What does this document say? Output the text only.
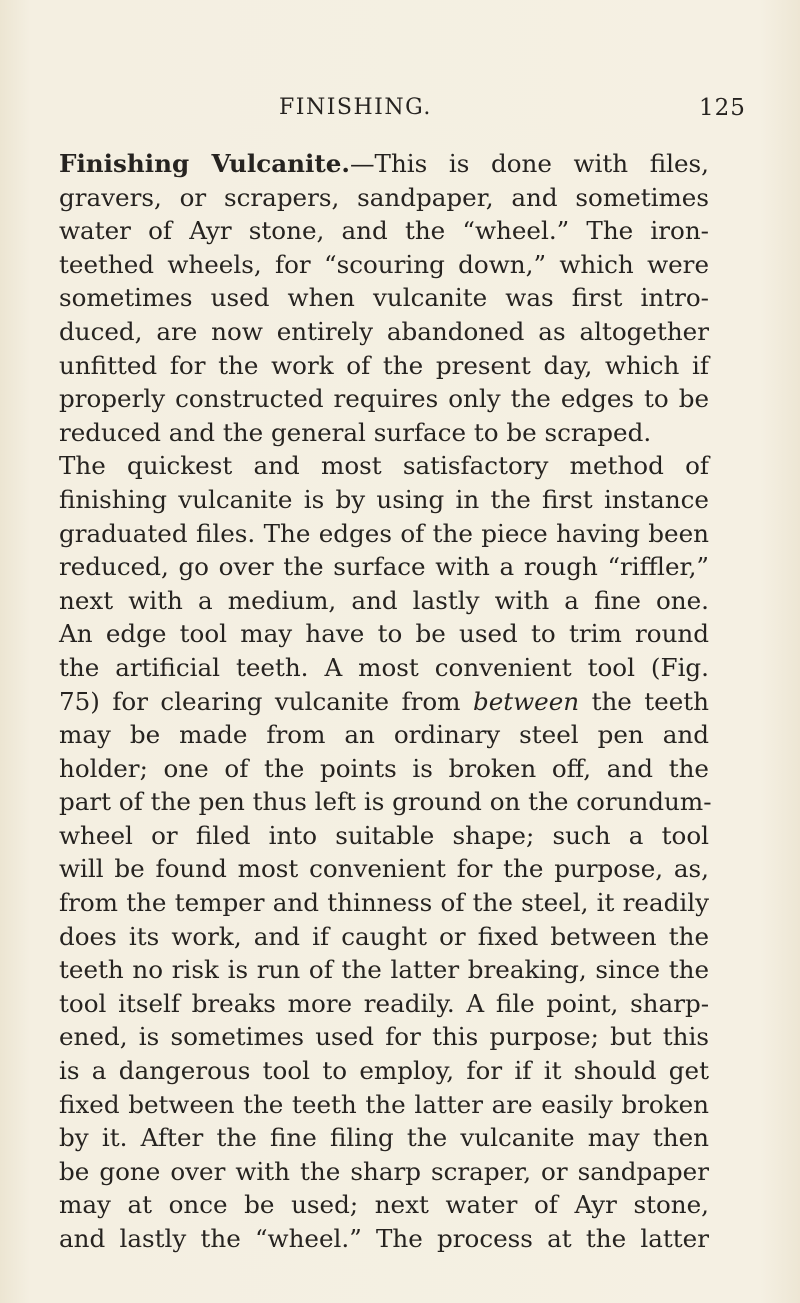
FINISHING.	125
Finishing Vulcanite.—This is done with files,
gravers, or scrapers, sandpaper, and sometimes
water of Ayr stone, and the “wheel.” The iron-
teethed wheels, for “scouring down,” which were
sometimes used when vulcanite was first intro-
duced, are now entirely abandoned as altogether
unfitted for the work of the present day, which if
properly constructed requires only the edges to be
reduced and the general surface to be scraped.
The quickest and most satisfactory method of
finishing vulcanite is by using in the first instance
graduated files. The edges of the piece having been
reduced, go over the surface with a rough “riffler,”
next with a medium, and lastly with a fine one.
An edge tool may have to be used to trim round
the artificial teeth. A most convenient tool (Fig.
75) for clearing vulcanite from between the teeth
may be made from an ordinary steel pen and
holder; one of the points is broken off, and the
part of the pen thus left is ground on the corundum-
wheel or filed into suitable shape; such a tool
will be found most convenient for the purpose, as,
from the temper and thinness of the steel, it readily
does its work, and if caught or fixed between the
teeth no risk is run of the latter breaking, since the
tool itself breaks more readily. A file point, sharp-
ened, is sometimes used for this purpose; but this
is a dangerous tool to employ, for if it should get
fixed between the teeth the latter are easily broken
by it. After the fine filing the vulcanite may then
be gone over with the sharp scraper, or sandpaper
may at once be used; next water of Ayr stone,
and lastly the “wheel.” The process at the latter
